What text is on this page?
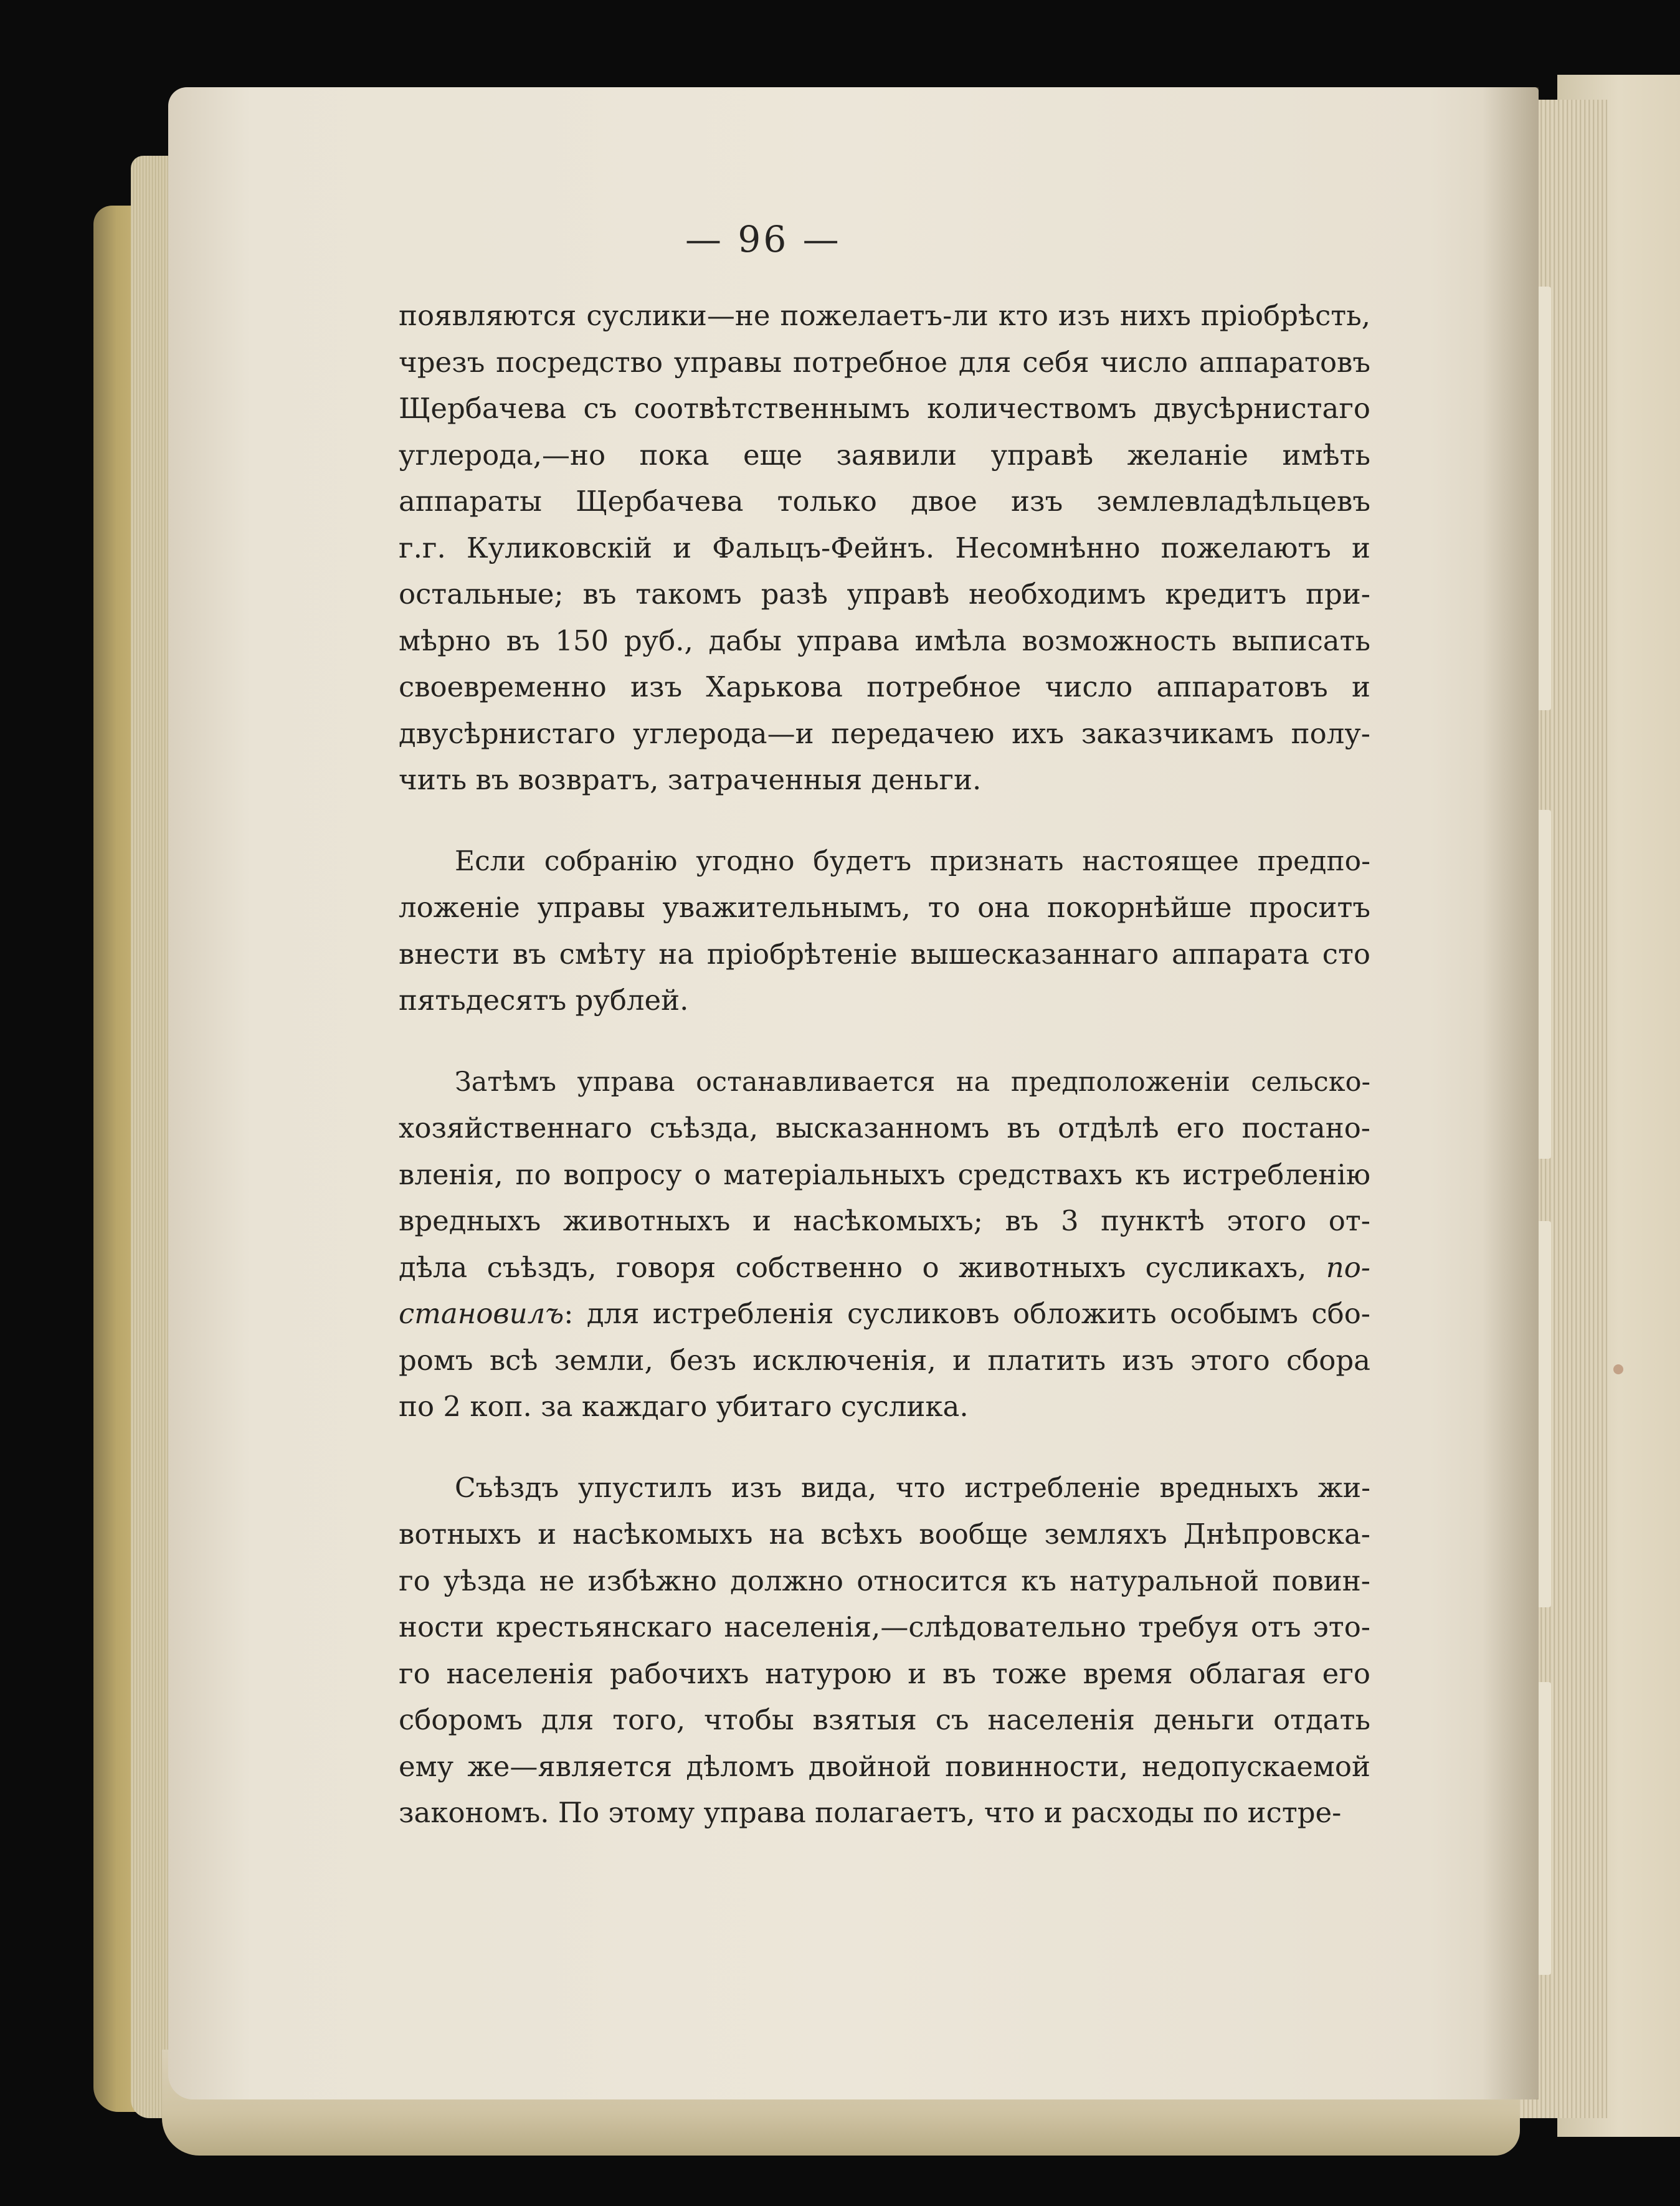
— 96 —
появляются суслики—не пожелаетъ-ли кто изъ нихъ пріобрѣсть,
чрезъ посредство управы потребное для себя число аппаратовъ
Щербачева съ соотвѣтственнымъ количествомъ двусѣрнистаго
углерода,—но пока еще заявили управѣ желаніе имѣть
аппараты Щербачева только двое изъ землевладѣльцевъ
г.г. Куликовскій и Фальцъ-Фейнъ. Несомнѣнно пожелаютъ и
остальные; въ такомъ разѣ управѣ необходимъ кредитъ при-
мѣрно въ 150 руб., дабы управа имѣла возможность выписать
своевременно изъ Харькова потребное число аппаратовъ и
двусѣрнистаго углерода—и передачею ихъ заказчикамъ полу-
чить въ возвратъ, затраченныя деньги.
Если собранію угодно будетъ признать настоящее предпо-
ложеніе управы уважительнымъ, то она покорнѣйше проситъ
внести въ смѣту на пріобрѣтеніе вышесказаннаго аппарата сто
пятьдесятъ рублей.
Затѣмъ управа останавливается на предположеніи сельско-
хозяйственнаго съѣзда, высказанномъ въ отдѣлѣ его постано-
вленія, по вопросу о матеріальныхъ средствахъ къ истребленію
вредныхъ животныхъ и насѣкомыхъ; въ 3 пунктѣ этого от-
дѣла съѣздъ, говоря собственно о животныхъ сусликахъ, по-
становилъ: для истребленія сусликовъ обложить особымъ сбо-
ромъ всѣ земли, безъ исключенія, и платить изъ этого сбора
по 2 коп. за каждаго убитаго суслика.
Съѣздъ упустилъ изъ вида, что истребленіе вредныхъ жи-
вотныхъ и насѣкомыхъ на всѣхъ вообще земляхъ Днѣпровска-
го уѣзда не избѣжно должно относится къ натуральной повин-
ности крестьянскаго населенія,—слѣдовательно требуя отъ это-
го населенія рабочихъ натурою и въ тоже время облагая его
сборомъ для того, чтобы взятыя съ населенія деньги отдать
ему же—является дѣломъ двойной повинности, недопускаемой
закономъ. По этому управа полагаетъ, что и расходы по истре-
